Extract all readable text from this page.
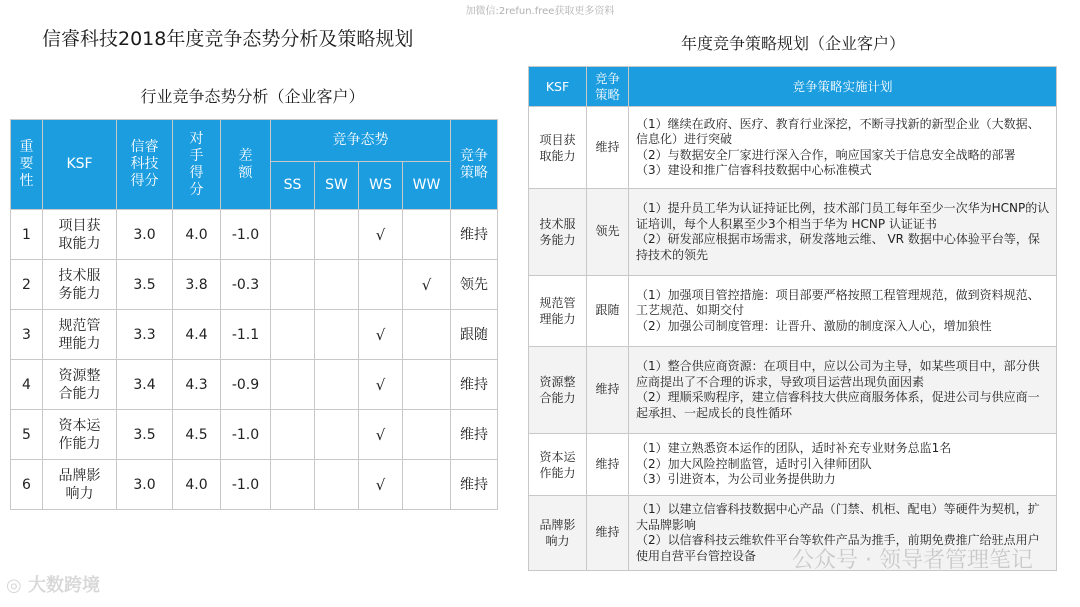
加微信:2refun.free获取更多资料
信睿科技2018年度竞争态势分析及策略规划
行业竞争态势分析（企业客户）
年度竞争策略规划（企业客户）
重要性	KSF	信睿科技得分	对手得分	差额	竞争态势				竞争策略
					SS	SW	WS	WW	
1	项目获取能力	3.0	4.0	-1.0			√		维持
2	技术服务能力	3.5	3.8	-0.3				√	领先
3	规范管理能力	3.3	4.4	-1.1			√		跟随
4	资源整合能力	3.4	4.3	-0.9			√		维持
5	资本运作能力	3.5	4.5	-1.0			√		维持
6	品牌影响力	3.0	4.0	-1.0			√		维持
KSF	竞争策略	竞争策略实施计划
项目获取能力	维持	（1）继续在政府、医疗、教育行业深挖，不断寻找新的新型企业（大数据、信息化）进行突破
（2）与数据安全厂家进行深入合作，响应国家关于信息安全战略的部署
（3）建设和推广信睿科技数据中心标准模式

技术服务能力	领先	（1）提升员工华为认证持证比例，技术部门员工每年至少一次华为HCNP的认证培训，每个人积累至少3个相当于华为 HCNP 认证证书
（2）研发部应根据市场需求，研发落地云维、 VR 数据中心体验平台等，保持技术的领先

规范管理能力	跟随	（1）加强项目管控措施：项目部要严格按照工程管理规范，做到资料规范、工艺规范、如期交付
（2）加强公司制度管理：让晋升、激励的制度深入人心，增加狼性

资源整合能力	维持	（1）整合供应商资源：在项目中，应以公司为主导，如某些项目中，部分供应商提出了不合理的诉求，导致项目运营出现负面因素
（2）理顺采购程序，建立信睿科技大供应商服务体系，促进公司与供应商一起承担、一起成长的良性循环

资本运作能力	维持	（1）建立熟悉资本运作的团队，适时补充专业财务总监1名
（2）加大风险控制监管，适时引入律师团队
（3）引进资本，为公司业务提供助力

品牌影响力	维持	（1）以建立信睿科技数据中心产品（门禁、机柜、配电）等硬件为契机，扩大品牌影响
（2）以信睿科技云维软件平台等软件产品为推手，前期免费推广给驻点用户使用自营平台管控设备
◎ 大数跨境
公众号 · 领导者管理笔记
